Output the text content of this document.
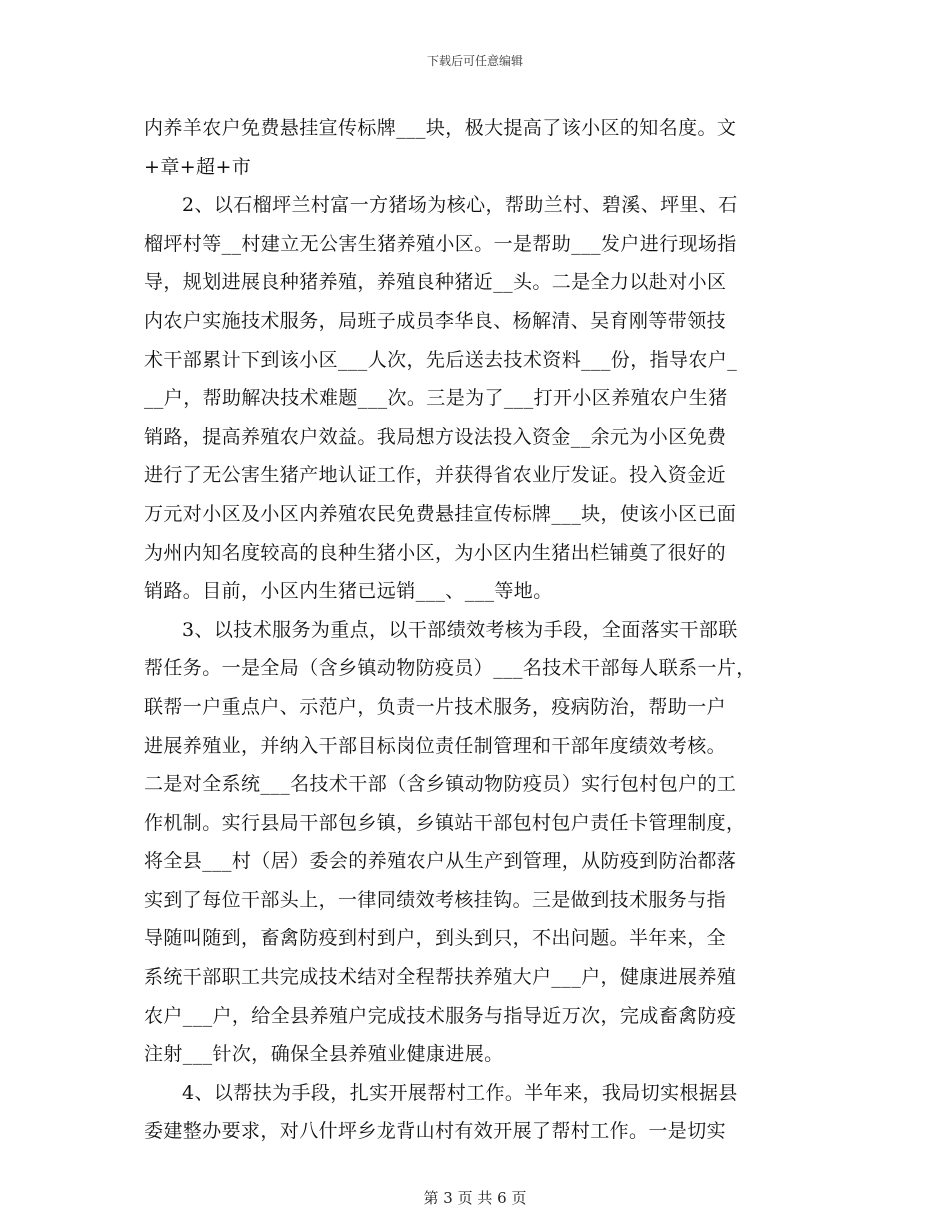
下载后可任意编辑
内养羊农户免费悬挂宣传标牌___块，极大提高了该小区的知名度。文
+章+超+市
2、以石榴坪兰村富一方猪场为核心，帮助兰村、碧溪、坪里、石
榴坪村等__村建立无公害生猪养殖小区。一是帮助___发户进行现场指
导，规划进展良种猪养殖，养殖良种猪近__头。二是全力以赴对小区
内农户实施技术服务，局班子成员李华良、杨解清、吴育刚等带领技
术干部累计下到该小区___人次，先后送去技术资料___份，指导农户_
__户，帮助解决技术难题___次。三是为了___打开小区养殖农户生猪
销路，提高养殖农户效益。我局想方设法投入资金__余元为小区免费
进行了无公害生猪产地认证工作，并获得省农业厅发证。投入资金近
万元对小区及小区内养殖农民免费悬挂宣传标牌___块，使该小区已面
为州内知名度较高的良种生猪小区，为小区内生猪出栏铺奠了很好的
销路。目前，小区内生猪已远销___、___等地。
3、以技术服务为重点，以干部绩效考核为手段，全面落实干部联
帮任务。一是全局（含乡镇动物防疫员）___名技术干部每人联系一片，
联帮一户重点户、示范户，负责一片技术服务，疫病防治，帮助一户
进展养殖业，并纳入干部目标岗位责任制管理和干部年度绩效考核。
二是对全系统___名技术干部（含乡镇动物防疫员）实行包村包户的工
作机制。实行县局干部包乡镇，乡镇站干部包村包户责任卡管理制度，
将全县___村（居）委会的养殖农户从生产到管理，从防疫到防治都落
实到了每位干部头上，一律同绩效考核挂钩。三是做到技术服务与指
导随叫随到，畜禽防疫到村到户，到头到只，不出问题。半年来，全
系统干部职工共完成技术结对全程帮扶养殖大户___户，健康进展养殖
农户___户，给全县养殖户完成技术服务与指导近万次，完成畜禽防疫
注射___针次，确保全县养殖业健康进展。
4、以帮扶为手段，扎实开展帮村工作。半年来，我局切实根据县
委建整办要求，对八什坪乡龙背山村有效开展了帮村工作。一是切实
第 3 页 共 6 页
